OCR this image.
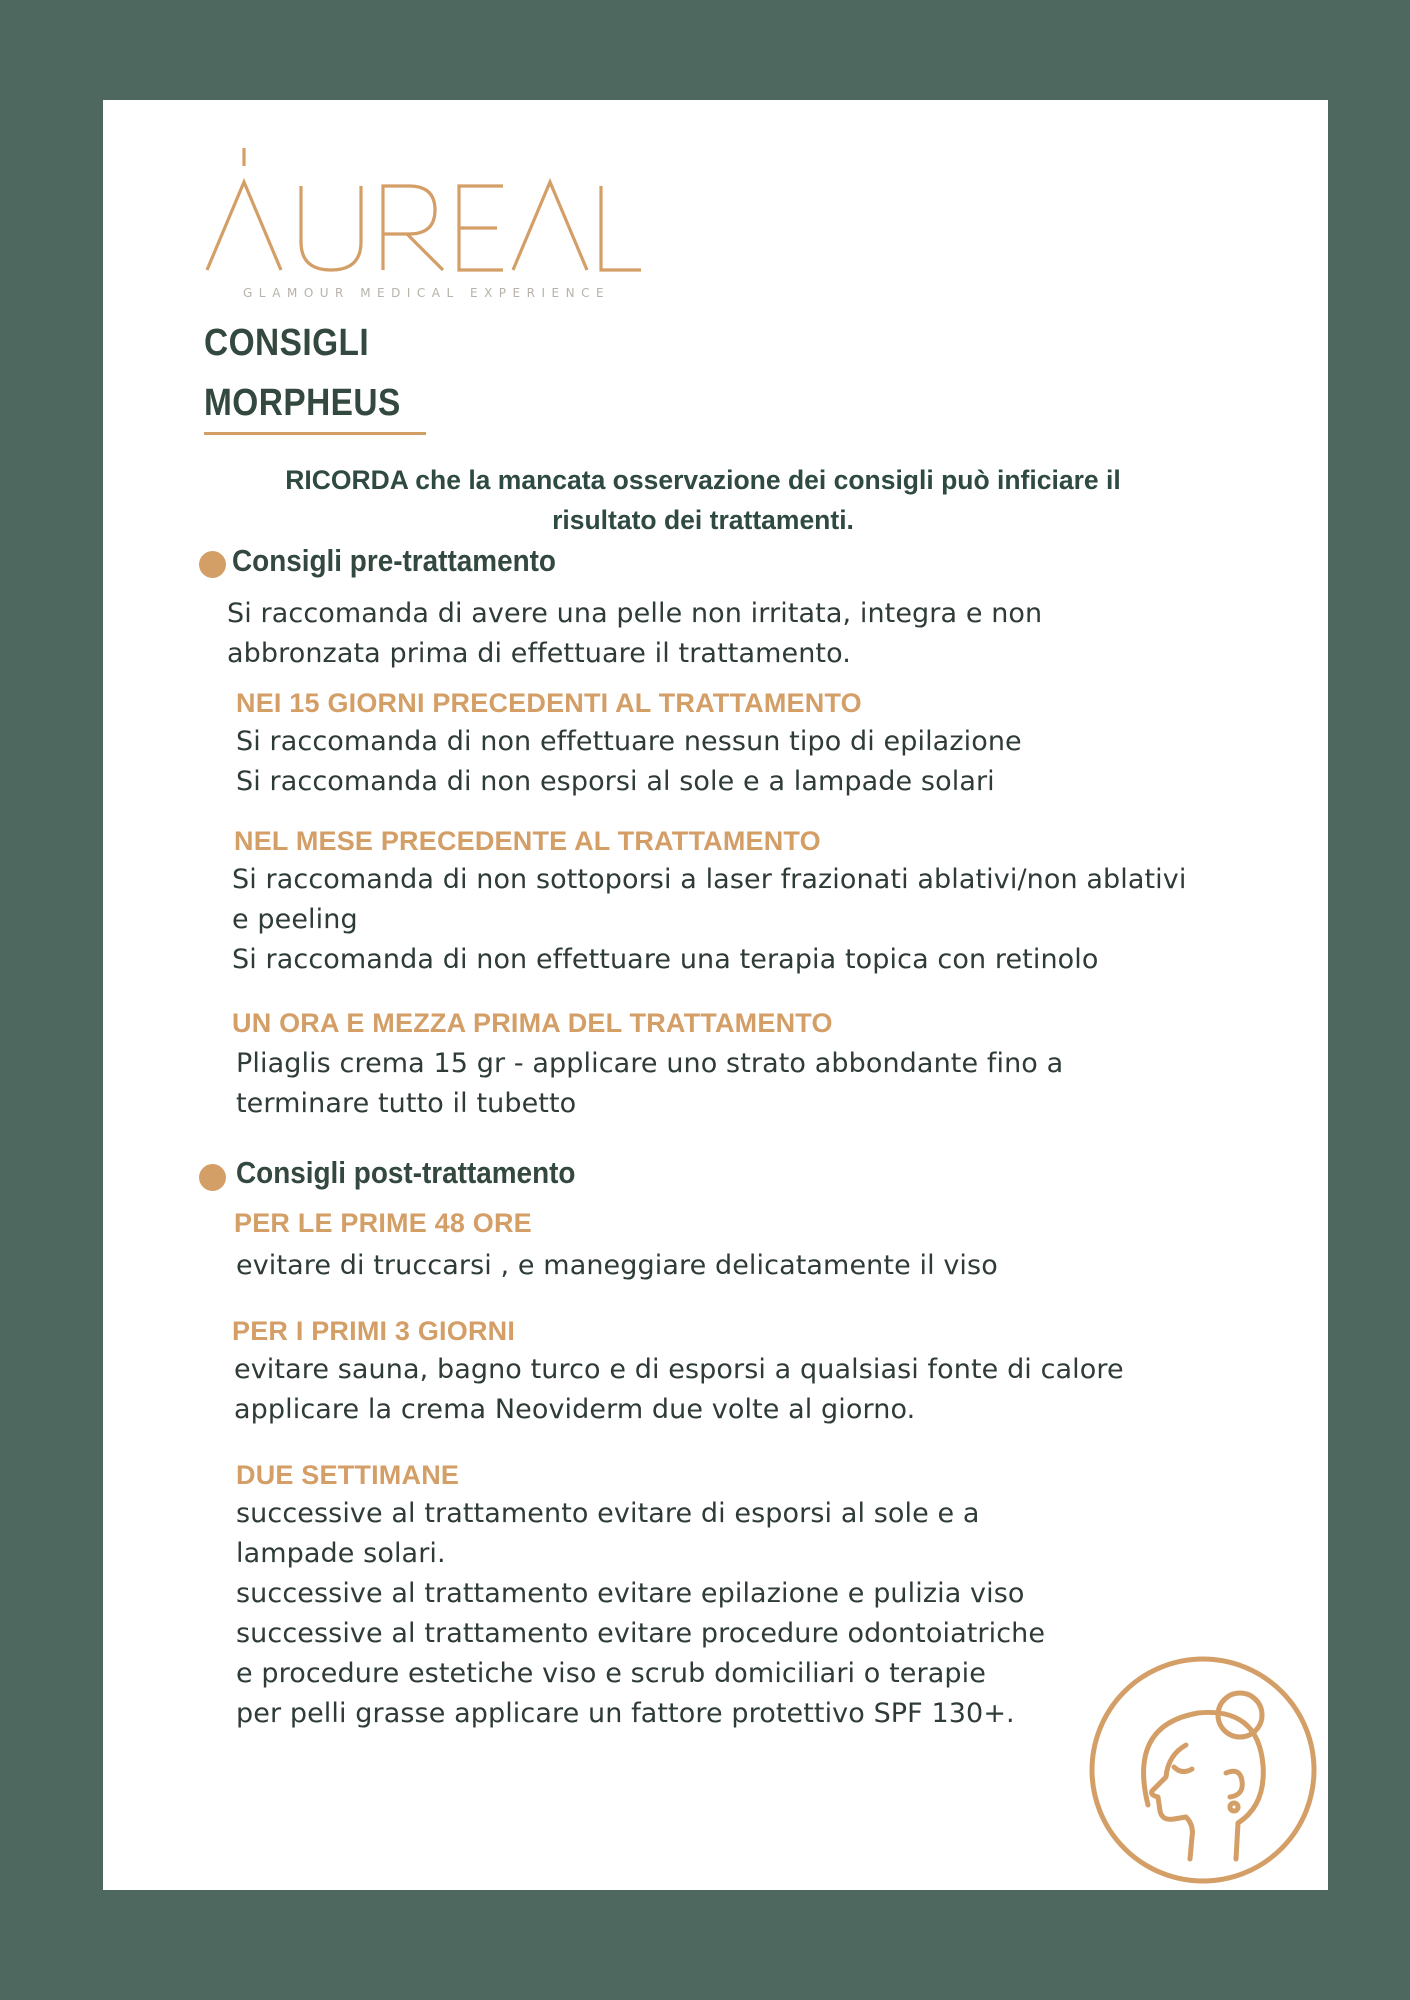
GLAMOUR MEDICAL EXPERIENCE
CONSIGLI
MORPHEUS
RICORDA che la mancata osservazione dei consigli può inficiare il
risultato dei trattamenti.
Consigli pre-trattamento
Si raccomanda di avere una pelle non irritata, integra e non
abbronzata prima di effettuare il trattamento.
NEI 15 GIORNI PRECEDENTI AL TRATTAMENTO
Si raccomanda di non effettuare nessun tipo di epilazione
Si raccomanda di non esporsi al sole e a lampade solari
NEL MESE PRECEDENTE AL TRATTAMENTO
Si raccomanda di non sottoporsi a laser frazionati ablativi/non ablativi
e peeling
Si raccomanda di non effettuare una terapia topica con retinolo
UN ORA E MEZZA PRIMA DEL TRATTAMENTO
Pliaglis crema 15 gr - applicare uno strato abbondante fino a
terminare tutto il tubetto
Consigli post-trattamento
PER LE PRIME 48 ORE
evitare di truccarsi , e maneggiare delicatamente il viso
PER I PRIMI 3 GIORNI
evitare sauna, bagno turco e di esporsi a qualsiasi fonte di calore
applicare la crema Neoviderm due volte al giorno.
DUE SETTIMANE
successive al trattamento evitare di esporsi al sole e a
lampade solari.
successive al trattamento evitare epilazione e pulizia viso
successive al trattamento evitare procedure odontoiatriche
e procedure estetiche viso e scrub domiciliari o terapie
per pelli grasse applicare un fattore protettivo SPF 130+.
